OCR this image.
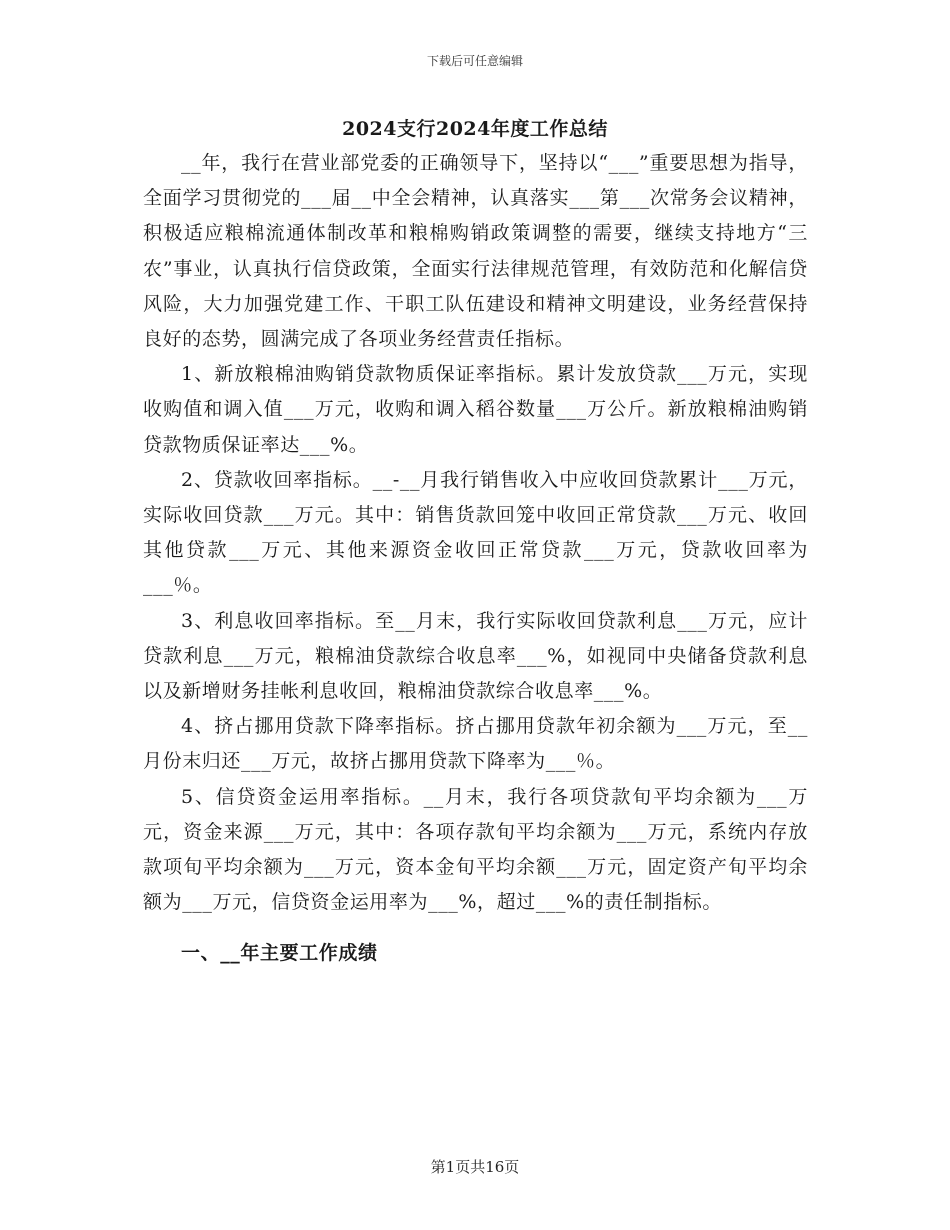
下载后可任意编辑
2024支行2024年度工作总结

__年，我行在营业部党委的正确领导下，坚持以“___”重要思想为指导，全面学习贯彻党的___届__中全会精神，认真落实___第___次常务会议精神，积极适应粮棉流通体制改革和粮棉购销政策调整的需要，继续支持地方“三农”事业，认真执行信贷政策，全面实行法律规范管理，有效防范和化解信贷风险，大力加强党建工作、干职工队伍建设和精神文明建设，业务经营保持良好的态势，圆满完成了各项业务经营责任指标。

1、新放粮棉油购销贷款物质保证率指标。累计发放贷款___万元，实现收购值和调入值___万元，收购和调入稻谷数量___万公斤。新放粮棉油购销贷款物质保证率达___%。

2、贷款收回率指标。__-__月我行销售收入中应收回贷款累计___万元，实际收回贷款___万元。其中：销售货款回笼中收回正常贷款___万元、收回其他贷款___万元、其他来源资金收回正常贷款___万元，贷款收回率为___％。

3、利息收回率指标。至__月末，我行实际收回贷款利息___万元，应计贷款利息___万元，粮棉油贷款综合收息率___%，如视同中央储备贷款利息以及新增财务挂帐利息收回，粮棉油贷款综合收息率___%。

4、挤占挪用贷款下降率指标。挤占挪用贷款年初余额为___万元，至__月份末归还___万元，故挤占挪用贷款下降率为___％。

5、信贷资金运用率指标。__月末，我行各项贷款旬平均余额为___万元，资金来源___万元，其中：各项存款旬平均余额为___万元，系统内存放款项旬平均余额为___万元，资本金旬平均余额___万元，固定资产旬平均余额为___万元，信贷资金运用率为___%，超过___%的责任制指标。

一、__年主要工作成绩

第1页共16页
